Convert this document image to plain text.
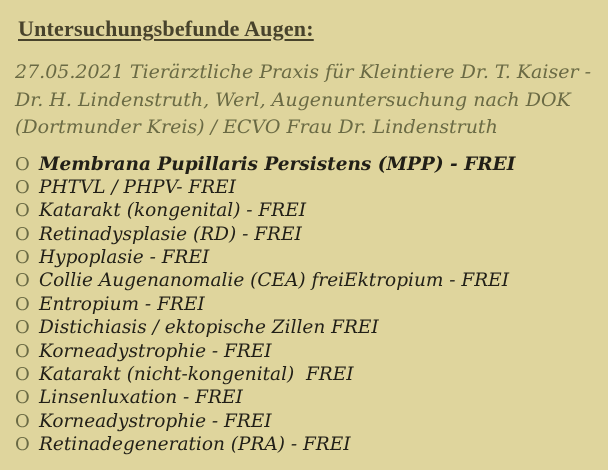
Untersuchungsbefunde Augen:

27.05.2021 Tierärztliche Praxis für Kleintiere Dr. T. Kaiser - Dr. H. Lindenstruth, Werl, Augenuntersuchung nach DOK (Dortmunder Kreis) / ECVO Frau Dr. Lindenstruth

O Membrana Pupillaris Persistens (MPP) - FREI
O PHTVL / PHPV- FREI
O Katarakt (kongenital) - FREI
O Retinadysplasie (RD) - FREI
O Hypoplasie - FREI
O Collie Augenanomalie (CEA) freiEktropium - FREI
O Entropium - FREI
O Distichiasis / ektopische Zillen FREI
O Korneadystrophie - FREI
O Katarakt (nicht-kongenital)  FREI
O Linsenluxation - FREI
O Korneadystrophie - FREI
O Retinadegeneration (PRA) - FREI
